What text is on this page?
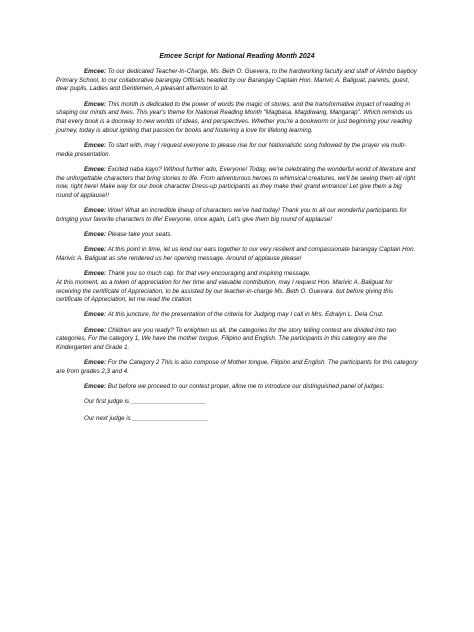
Emcee Script for National Reading Month 2024
Emcee: To our dedicated Teacher-In-Charge, Ms. Beth O. Guevera, to the hardworking faculty and staff of Alimbo bayboy Primary School, to our collaborative barangay Officials headed by our Barangay Captain Hon. Marivic A. Baliguat, parents, guest, dear pupils, Ladies and Gentlemen, A pleasant afternoon to all.
Emcee: This month is dedicated to the power of words the magic of stories, and the transformative impact of reading in shaping our minds and lives. This year's theme for National Reading Month "Magbasa, Magdiwang, Mangarap". Which reminds us that every book is a doorway to new worlds of ideas, and perspectives. Whether you're a bookworm or just beginning your reading journey, today is about igniting that passion for books and fostering a love for lifelong learning.
Emcee: To start with, may I request everyone to please rise for our Nationalistic song followed by the prayer via multi-media presentation.
Emcee: Excited naba kayo? Without further ado, Everyone! Today, we're celebrating the wonderful world of literature and the unforgettable characters that bring stories to life. From adventurous heroes to whimsical creatures, we'll be seeing them all right now, right here! Make way for our book character Dress-up participants as they make their grand entrance! Let give them a big round of applause!!
Emcee: Wow! What an incredible lineup of characters we've had today! Thank you to all our wonderful participants for bringing your favorite characters to life! Everyone, once again, Let's give them big round of applause!
Emcee: Please take your seats.
Emcee: At this point in time, let us lend our ears together to our very resilient and compassionate barangay Captain Hon. Marivic A. Baliguat as she rendered us her opening message. Around of applause please!
Emcee: Thank you so much cap. for that very encouraging and inspiring message.
At this moment, as a token of appreciation for her time and valuable contribution, may I request Hon. Marivic A. Baliguat for receiving the certificate of Appreciation, to be assisted by our teacher-in-charge Ms. Beth O. Guevara. but before giving this certificate of Appreciation, let me read the citation.
Emcee: At this juncture, for the presentation of the criteria for Judging may I call in Mrs. Edralyn L. Dela Cruz.
Emcee: Children are you ready? To enlighten us all, the categories for the story telling contest are divided into two categories, For the category 1, We have the mother tongue, Filipino and English. The participants in this category are the Kindergarten and Grade 1.
Emcee: For the Category 2 This is also compose of Mother tongue, Filipino and English. The participants for this category are from grades 2,3 and 4.
Emcee: But before we proceed to our contest proper, allow me to introduce our distinguished panel of judges:
Our first judge is ______________________
Our next judge is ______________________
